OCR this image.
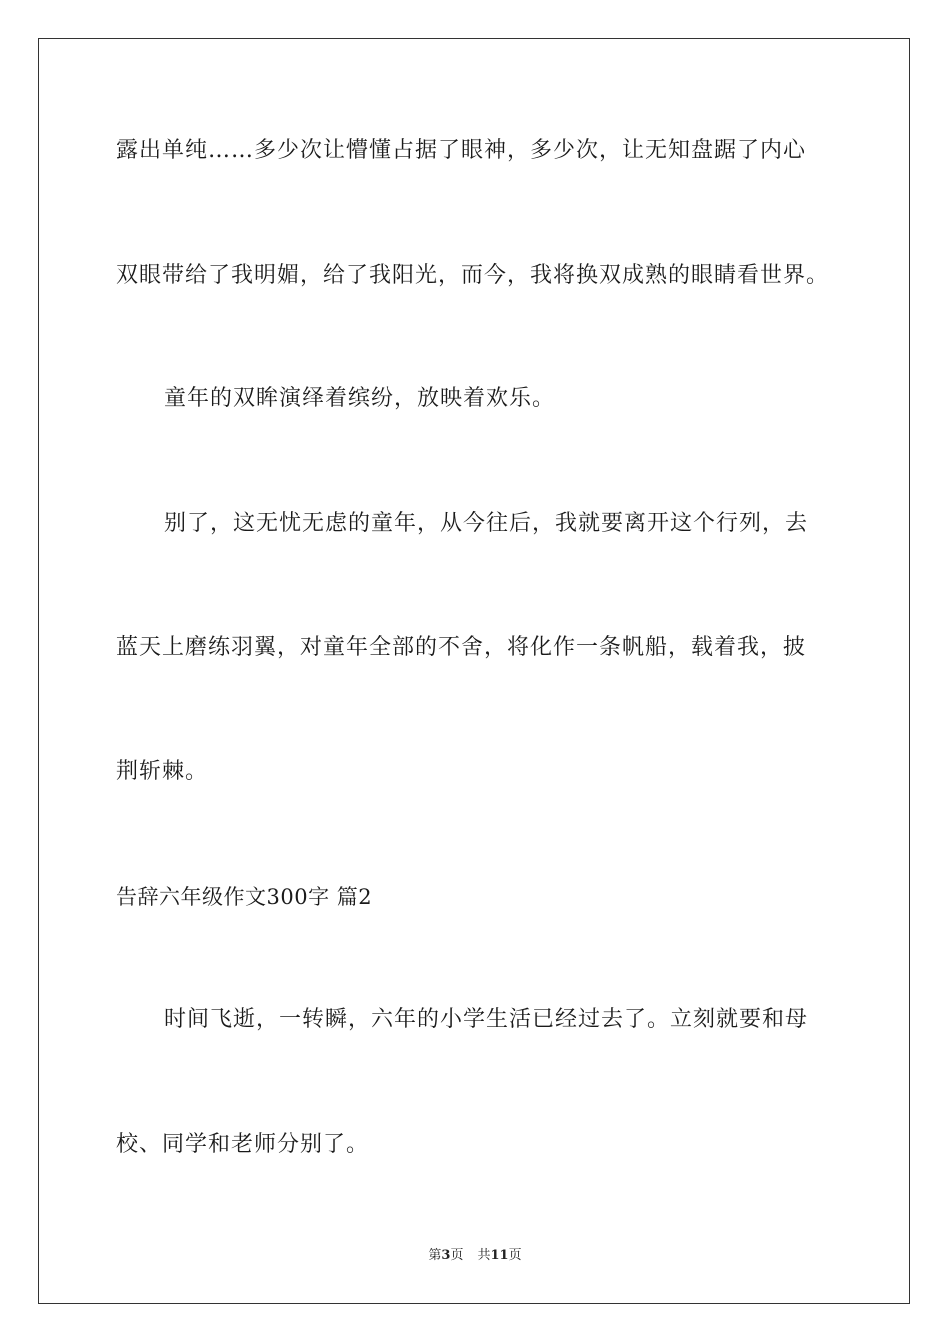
露出单纯……多少次让懵懂占据了眼神，多少次，让无知盘踞了内心
双眼带给了我明媚，给了我阳光，而今，我将换双成熟的眼睛看世界。
童年的双眸演绎着缤纷，放映着欢乐。
别了，这无忧无虑的童年，从今往后，我就要离开这个行列，去
蓝天上磨练羽翼，对童年全部的不舍，将化作一条帆船，载着我，披
荆斩棘。
告辞六年级作文300字 篇2
时间飞逝，一转瞬，六年的小学生活已经过去了。立刻就要和母
校、同学和老师分别了。
第3页 共11页
